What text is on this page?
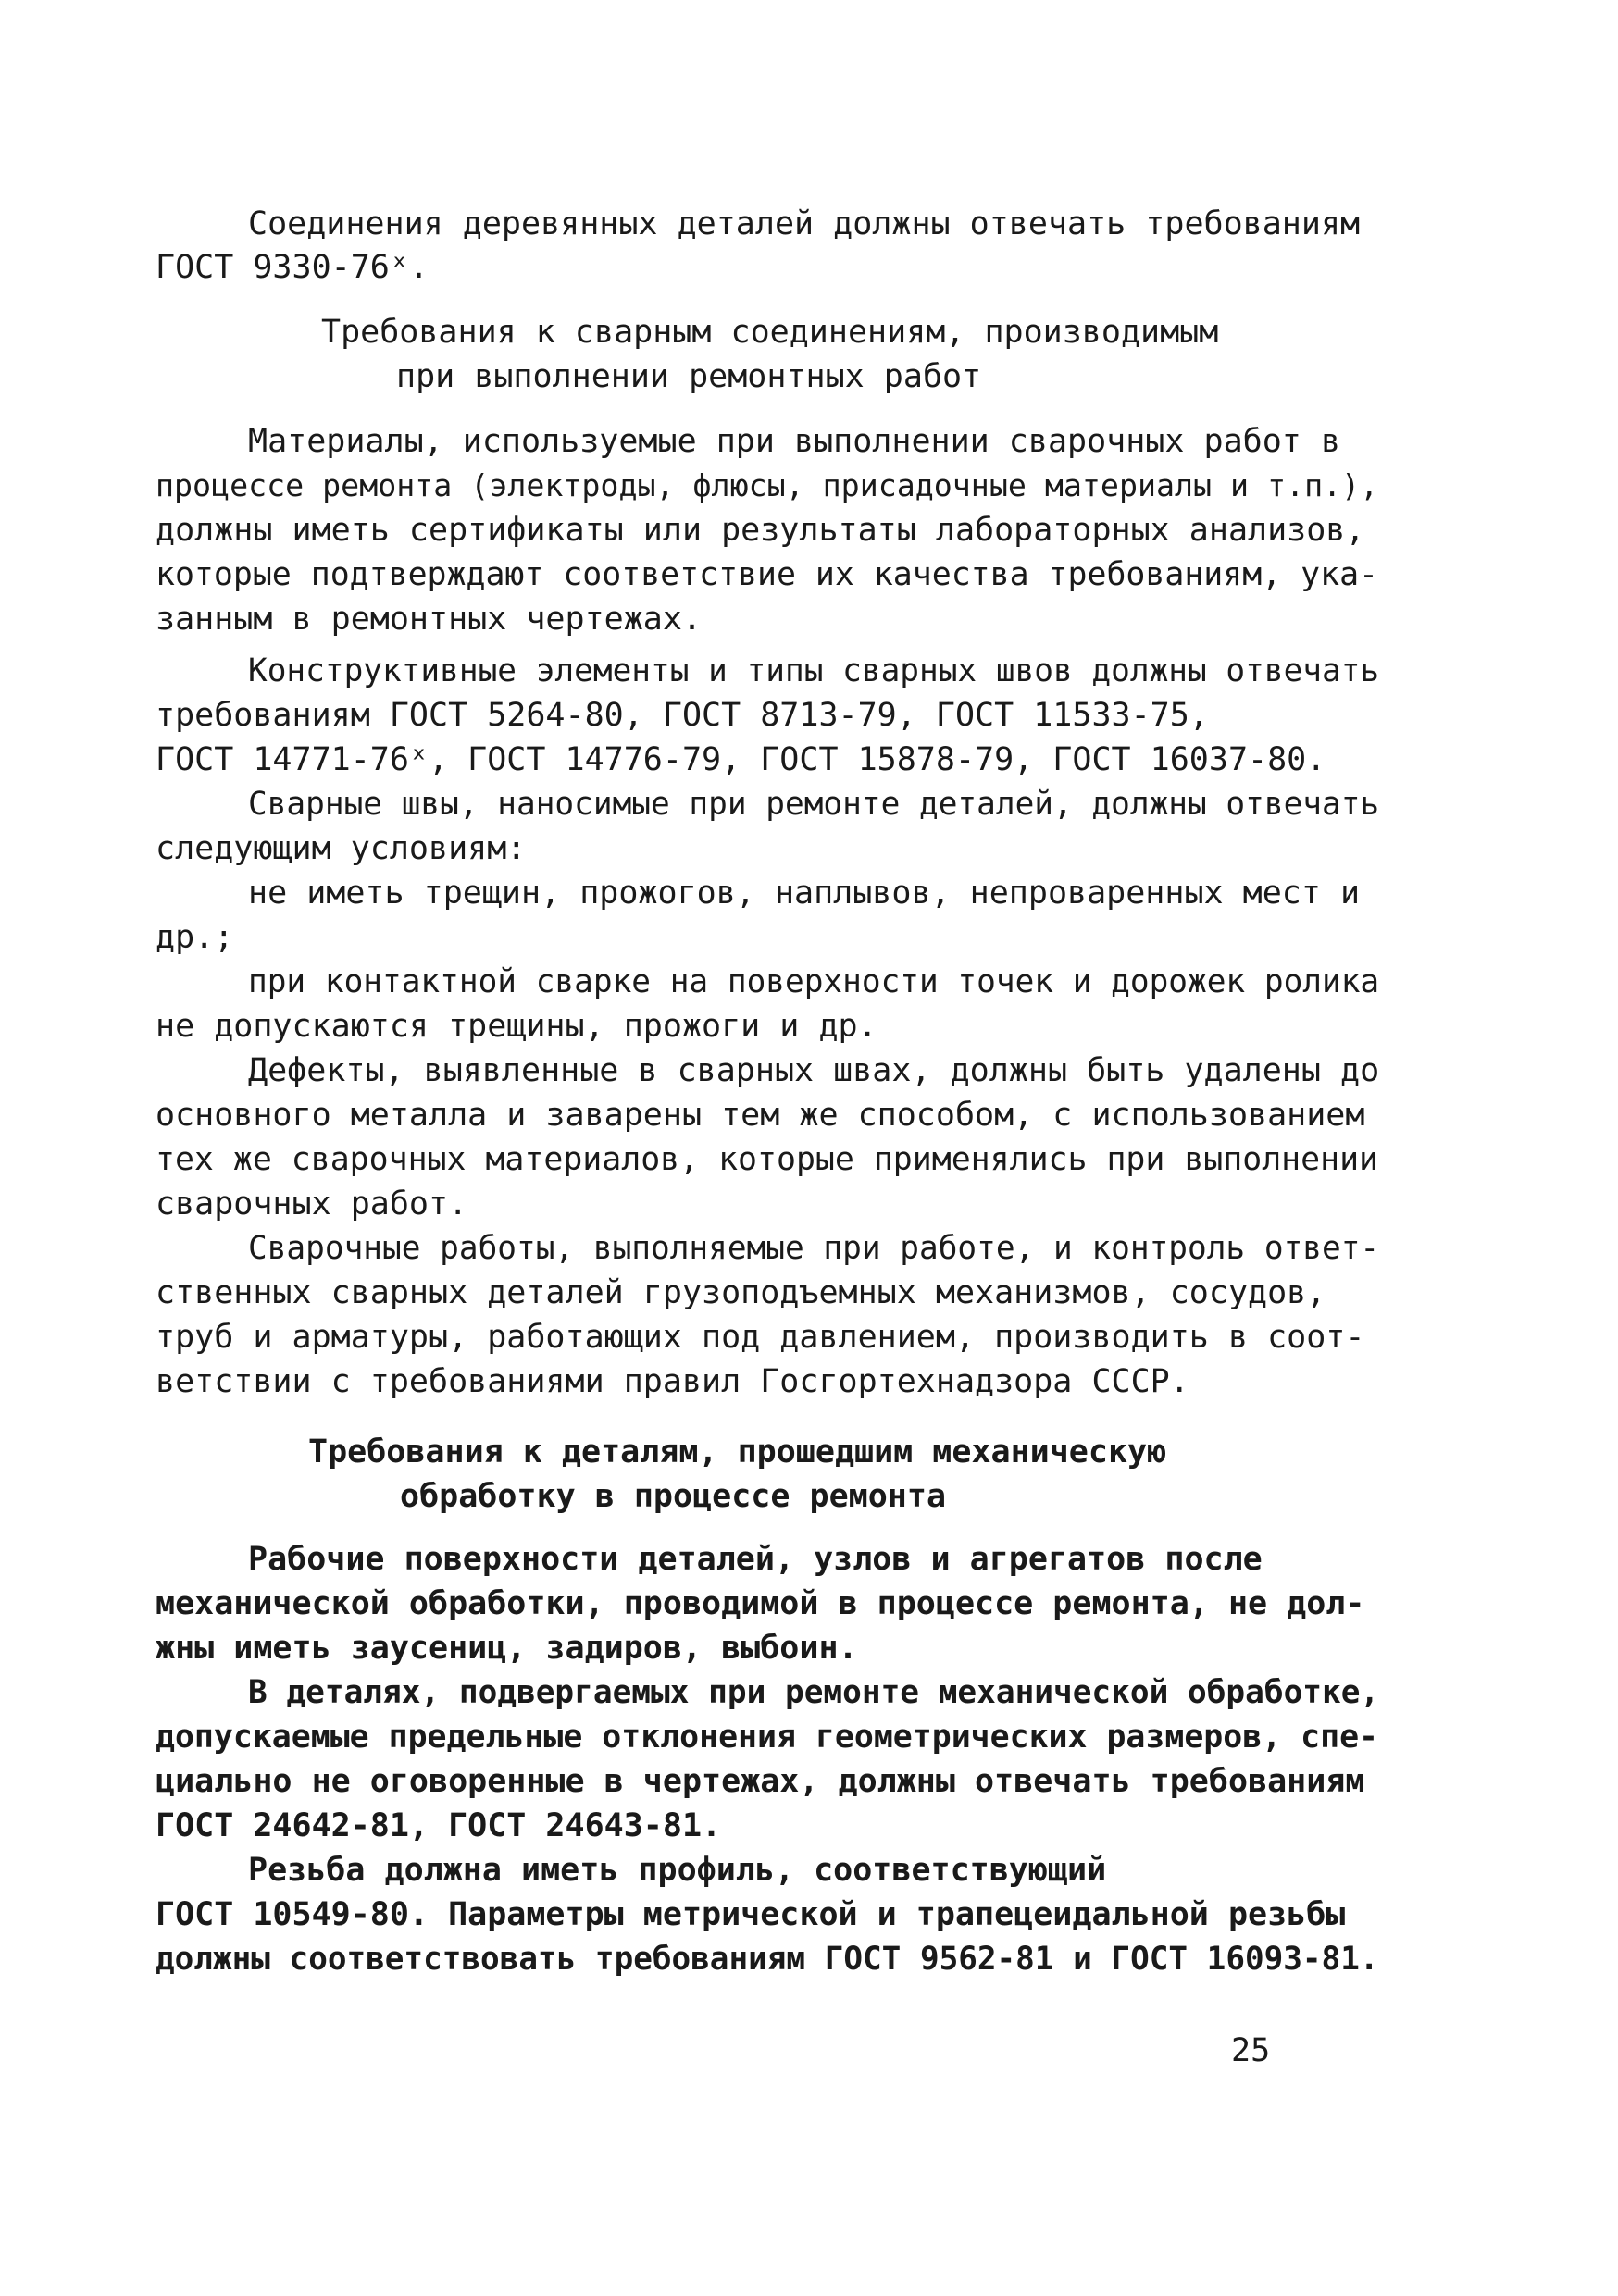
Соединения деревянных деталей должны отвечать требованиям
ГОСТ 9330-76ˣ.
Требования к сварным соединениям, производимым
при выполнении ремонтных работ
Материалы, используемые при выполнении сварочных работ в
процессе ремонта (электроды, флюсы, присадочные материалы и т.п.),
должны иметь сертификаты или результаты лабораторных анализов,
которые подтверждают соответствие их качества требованиям, ука-
занным в ремонтных чертежах.
Конструктивные элементы и типы сварных швов должны отвечать
требованиям ГОСТ 5264-80, ГОСТ 8713-79, ГОСТ 11533-75,
ГОСТ 14771-76ˣ, ГОСТ 14776-79, ГОСТ 15878-79, ГОСТ 16037-80.
Сварные швы, наносимые при ремонте деталей, должны отвечать
следующим условиям:
не иметь трещин, прожогов, наплывов, непроваренных мест и
др.;
при контактной сварке на поверхности точек и дорожек ролика
не допускаются трещины, прожоги и др.
Дефекты, выявленные в сварных швах, должны быть удалены до
основного металла и заварены тем же способом, с использованием
тех же сварочных материалов, которые применялись при выполнении
сварочных работ.
Сварочные работы, выполняемые при работе, и контроль ответ-
ственных сварных деталей грузоподъемных механизмов, сосудов,
труб и арматуры, работающих под давлением, производить в соот-
ветствии с требованиями правил Госгортехнадзора СССР.
Требования к деталям, прошедшим механическую
обработку в процессе ремонта
Рабочие поверхности деталей, узлов и агрегатов после
механической обработки, проводимой в процессе ремонта, не дол-
жны иметь заусениц, задиров, выбоин.
В деталях, подвергаемых при ремонте механической обработке,
допускаемые предельные отклонения геометрических размеров, спе-
циально не оговоренные в чертежах, должны отвечать требованиям
ГОСТ 24642-81, ГОСТ 24643-81.
Резьба должна иметь профиль, соответствующий
ГОСТ 10549-80. Параметры метрической и трапецеидальной резьбы
должны соответствовать требованиям ГОСТ 9562-81 и ГОСТ 16093-81.
25
